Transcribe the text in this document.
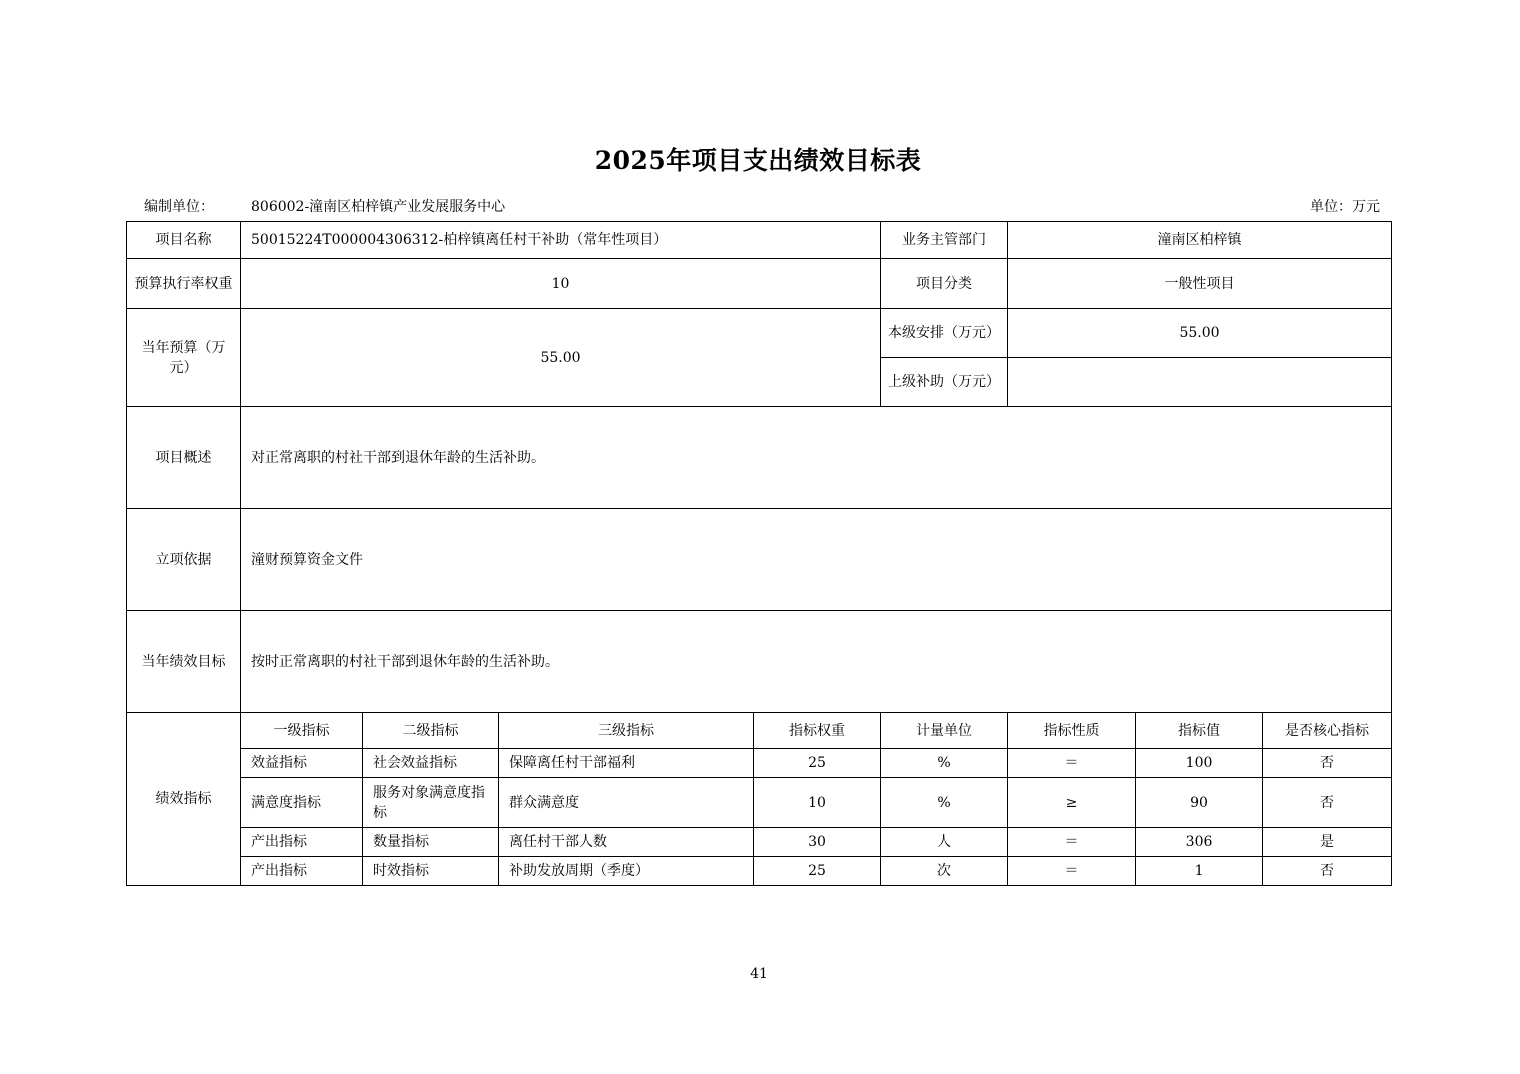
2025年项目支出绩效目标表
编制单位：	806002-潼南区柏梓镇产业发展服务中心	单位：万元
项目名称	50015224T000004306312-柏梓镇离任村干补助（常年性项目）				业务主管部门	潼南区柏梓镇		
预算执行率权重	10				项目分类	一般性项目		
当年预算（万元）	55.00				本级安排（万元）	55.00		
					上级补助（万元）			
项目概述	对正常离职的村社干部到退休年龄的生活补助。							
立项依据	潼财预算资金文件							
当年绩效目标	按时正常离职的村社干部到退休年龄的生活补助。							
绩效指标	一级指标	二级指标	三级指标	指标权重	计量单位	指标性质	指标值	是否核心指标
	效益指标	社会效益指标	保障离任村干部福利	25	%	＝	100	否
	满意度指标	服务对象满意度指标	群众满意度	10	%	≥	90	否
	产出指标	数量指标	离任村干部人数	30	人	＝	306	是
	产出指标	时效指标	补助发放周期（季度）	25	次	＝	1	否
41
